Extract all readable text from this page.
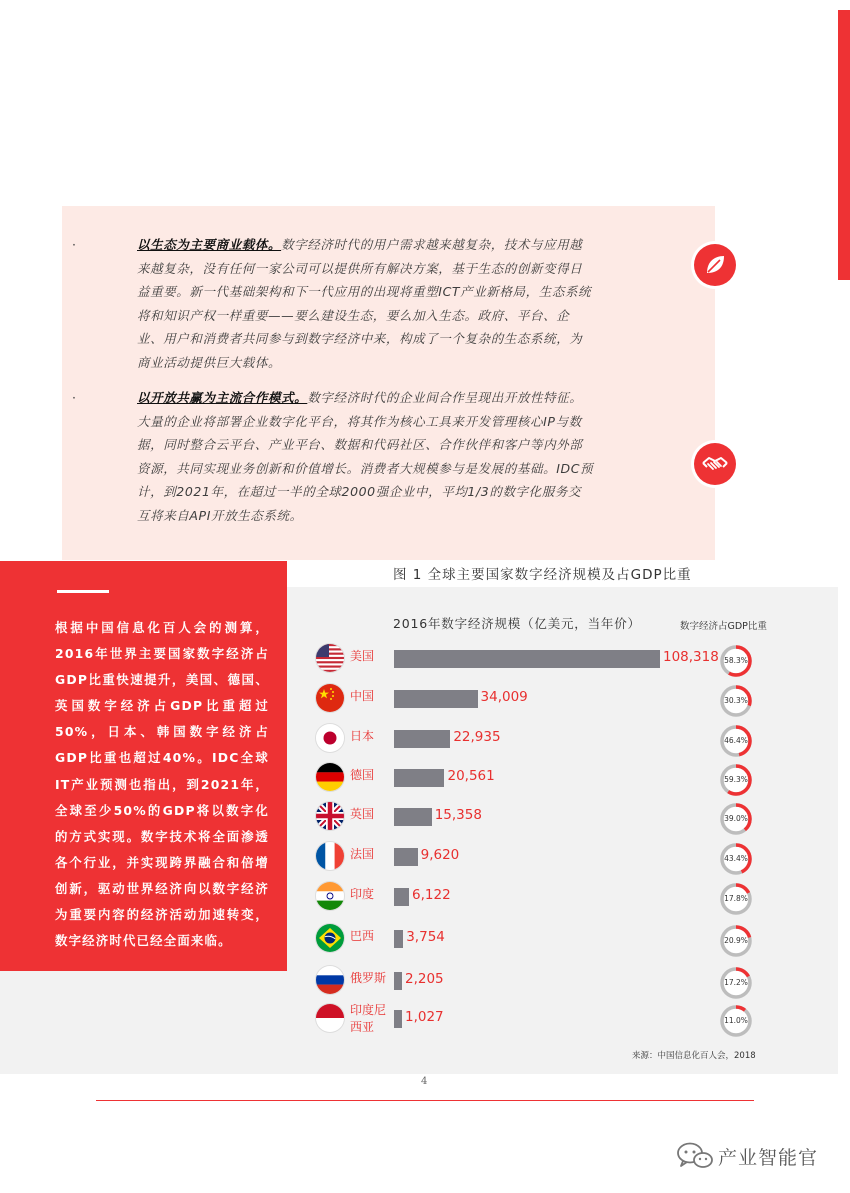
·	以生态为主要商业载体。数字经济时代的用户需求越来越复杂，技术与应用越来越复杂，没有任何一家公司可以提供所有解决方案，基于生态的创新变得日益重要。新一代基础架构和下一代应用的出现将重塑ICT产业新格局，生态系统将和知识产权一样重要——要么建设生态，要么加入生态。政府、平台、企业、用户和消费者共同参与到数字经济中来，构成了一个复杂的生态系统，为商业活动提供巨大载体。
·	以开放共赢为主流合作模式。数字经济时代的企业间合作呈现出开放性特征。大量的企业将部署企业数字化平台，将其作为核心工具来开发管理核心IP与数据，同时整合云平台、产业平台、数据和代码社区、合作伙伴和客户等内外部资源，共同实现业务创新和价值增长。消费者大规模参与是发展的基础。IDC预计，到2021年，在超过一半的全球2000强企业中，平均1/3的数字化服务交互将来自API开放生态系统。
图 1 全球主要国家数字经济规模及占GDP比重
根据中国信息化百人会的测算，2016年世界主要国家数字经济占GDP比重快速提升，美国、德国、英国数字经济占GDP比重超过50%，日本、韩国数字经济占GDP比重也超过40%。IDC全球IT产业预测也指出，到2021年，全球至少50%的GDP将以数字化的方式实现。数字技术将全面渗透各个行业，并实现跨界融合和倍增创新，驱动世界经济向以数字经济为重要内容的经济活动加速转变，数字经济时代已经全面来临。
2016年数字经济规模（亿美元，当年价）	数字经济占GDP比重
美国	108,318 58.3%
中国	34,009	30.3%
日本	22,935	46.4%
德国	20,561	59.3%
英国	15,358	39.0%
法国	9,620	43.4%
印度	6,122	17.8%
巴西 3,754	20.9%
俄罗斯 2,205	17.2%
印度尼
西亚
1,027	11.0%
来源：中国信息化百人会，2018
4
产业智能官
